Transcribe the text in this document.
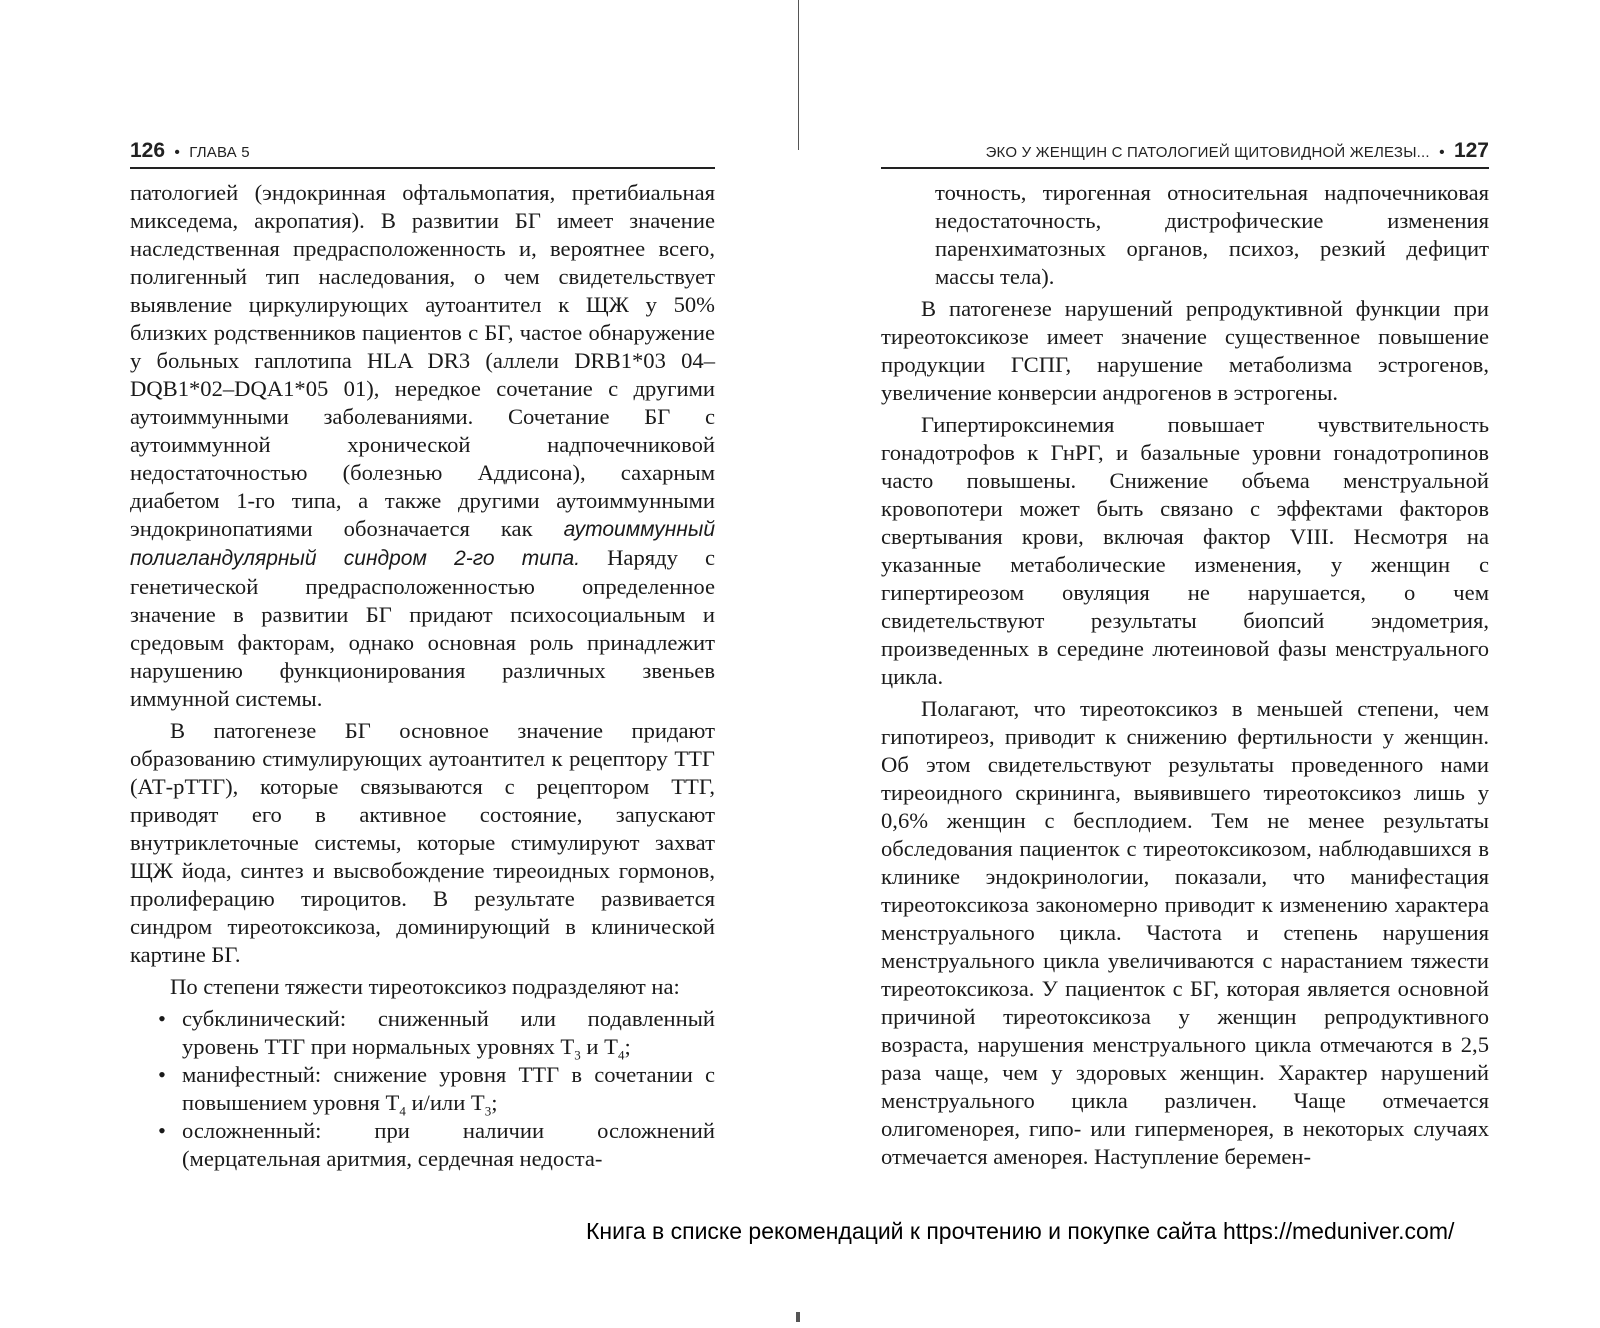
126 • ГЛАВА 5

патологией (эндокринная офтальмопатия, претибиальная микседема, акропатия). В развитии БГ имеет значение наследственная предрасположенность и, вероятнее всего, полигенный тип наследования, о чем свидетельствует выявление циркулирующих аутоантител к ЩЖ у 50% близких родственников пациентов с БГ, частое обнаружение у больных гаплотипа HLA DR3 (аллели DRB1*03 04–DQB1*02–DQA1*05 01), нередкое сочетание с другими аутоиммунными заболеваниями. Сочетание БГ с аутоиммунной хронической надпочечниковой недостаточностью (болезнью Аддисона), сахарным диабетом 1-го типа, а также другими аутоиммунными эндокринопатиями обозначается как аутоиммунный полигландулярный синдром 2-го типа. Наряду с генетической предрасположенностью определенное значение в развитии БГ придают психосоциальным и средовым факторам, однако основная роль принадлежит нарушению функционирования различных звеньев иммунной системы.

В патогенезе БГ основное значение придают образованию стимулирующих аутоантител к рецептору ТТГ (АТ-рТТГ), которые связываются с рецептором ТТГ, приводят его в активное состояние, запускают внутриклеточные системы, которые стимулируют захват ЩЖ йода, синтез и высвобождение тиреоидных гормонов, пролиферацию тироцитов. В результате развивается синдром тиреотоксикоза, доминирующий в клинической картине БГ.

По степени тяжести тиреотоксикоз подразделяют на:

• субклинический: сниженный или подавленный уровень ТТГ при нормальных уровнях $T_3$ и $T_4$;
• манифестный: снижение уровня ТТГ в сочетании с повышением уровня $T_4$ и/или $T_3$;
• осложненный: при наличии осложнений (мерцательная аритмия, сердечная недоста-
ЭКО У ЖЕНЩИН С ПАТОЛОГИЕЙ ЩИТОВИДНОЙ ЖЕЛЕЗЫ... • 127

точность, тирогенная относительная надпочечниковая недостаточность, дистрофические изменения паренхиматозных органов, психоз, резкий дефицит массы тела).

В патогенезе нарушений репродуктивной функции при тиреотоксикозе имеет значение существенное повышение продукции ГСПГ, нарушение метаболизма эстрогенов, увеличение конверсии андрогенов в эстрогены.

Гипертироксинемия повышает чувствительность гонадотрофов к ГнРГ, и базальные уровни гонадотропинов часто повышены. Снижение объема менструальной кровопотери может быть связано с эффектами факторов свертывания крови, включая фактор VIII. Несмотря на указанные метаболические изменения, у женщин с гипертиреозом овуляция не нарушается, о чем свидетельствуют результаты биопсий эндометрия, произведенных в середине лютеиновой фазы менструального цикла.

Полагают, что тиреотоксикоз в меньшей степени, чем гипотиреоз, приводит к снижению фертильности у женщин. Об этом свидетельствуют результаты проведенного нами тиреоидного скрининга, выявившего тиреотоксикоз лишь у 0,6% женщин с бесплодием. Тем не менее результаты обследования пациенток с тиреотоксикозом, наблюдавшихся в клинике эндокринологии, показали, что манифестация тиреотоксикоза закономерно приводит к изменению характера менструального цикла. Частота и степень нарушения менструального цикла увеличиваются с нарастанием тяжести тиреотоксикоза. У пациенток с БГ, которая является основной причиной тиреотоксикоза у женщин репродуктивного возраста, нарушения менструального цикла отмечаются в 2,5 раза чаще, чем у здоровых женщин. Характер нарушений менструального цикла различен. Чаще отмечается олигоменорея, гипо- или гиперменорея, в некоторых случаях отмечается аменорея. Наступление беремен-

Книга в списке рекомендаций к прочтению и покупке сайта https://meduniver.com/
